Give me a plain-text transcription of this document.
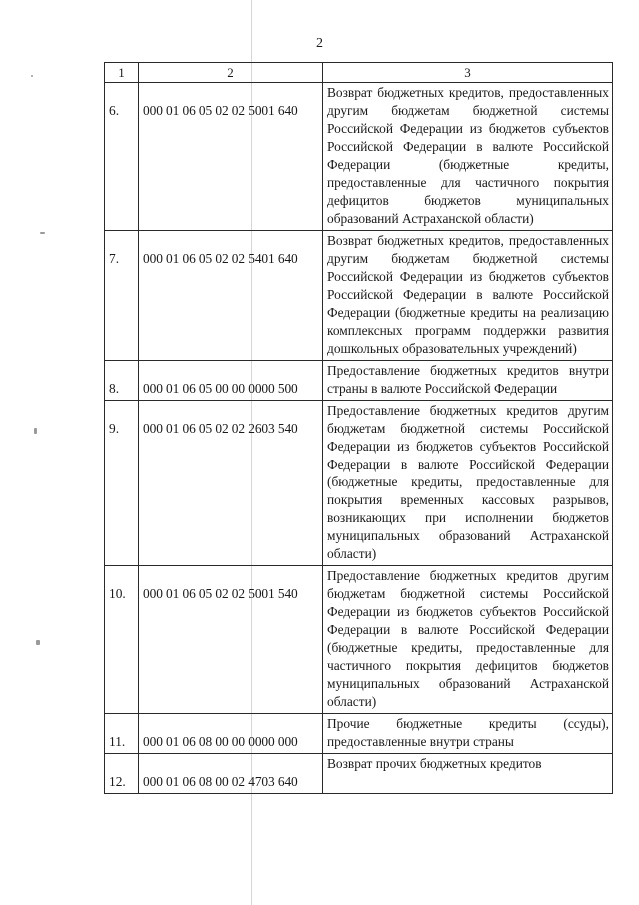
2
1	2	3
6.	000 01 06 05 02 02 5001 640	Возврат бюджетных кредитов, предоставленных другим бюджетам бюджетной системы Российской Федерации из бюджетов субъектов Российской Федерации в валюте Российской Федерации (бюджетные кредиты, предоставленные для частичного покрытия дефицитов бюджетов муниципальных образований Астраханской области)
7.	000 01 06 05 02 02 5401 640	Возврат бюджетных кредитов, предоставленных другим бюджетам бюджетной системы Российской Федерации из бюджетов субъектов Российской Федерации в валюте Российской Федерации (бюджетные кредиты на реализацию комплексных программ поддержки развития дошкольных образовательных учреждений)
8.	000 01 06 05 00 00 0000 500	Предоставление бюджетных кредитов внутри страны в валюте Российской Федерации
9.	000 01 06 05 02 02 2603 540	Предоставление бюджетных кредитов другим бюджетам бюджетной системы Российской Федерации из бюджетов субъектов Российской Федерации в валюте Российской Федерации (бюджетные кредиты, предоставленные для покрытия временных кассовых разрывов, возникающих при исполнении бюджетов муниципальных образований Астраханской области)
10.	000 01 06 05 02 02 5001 540	Предоставление бюджетных кредитов другим бюджетам бюджетной системы Российской Федерации из бюджетов субъектов Российской Федерации в валюте Российской Федерации (бюджетные кредиты, предоставленные для частичного покрытия дефицитов бюджетов муниципальных образований Астраханской области)
11.	000 01 06 08 00 00 0000 000	Прочие бюджетные кредиты (ссуды), предоставленные внутри страны
12.	000 01 06 08 00 02 4703 640	Возврат прочих бюджетных кредитов
